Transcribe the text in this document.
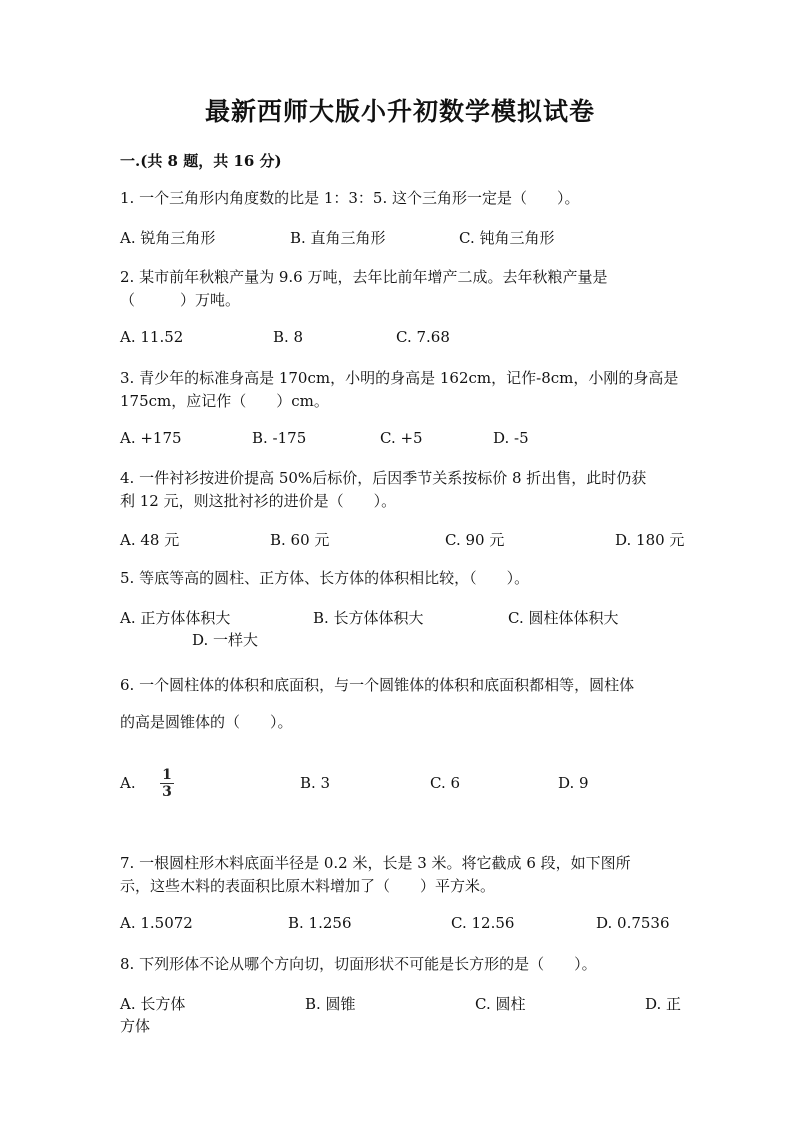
最新西师大版小升初数学模拟试卷
一.(共 8 题，共 16 分)
1. 一个三角形内角度数的比是 1：3：5. 这个三角形一定是（　　）。
A. 锐角三角形	B. 直角三角形	C. 钝角三角形
2. 某市前年秋粮产量为 9.6 万吨，去年比前年增产二成。去年秋粮产量是
（　　　）万吨。
A. 11.52	B. 8	C. 7.68
3. 青少年的标准身高是 170cm，小明的身高是 162cm，记作-8cm，小刚的身高是
175cm，应记作（　　）cm。
A. +175	B. -175	C. +5	D. -5
4. 一件衬衫按进价提高 50%后标价，后因季节关系按标价 8 折出售，此时仍获
利 12 元，则这批衬衫的进价是（　　）。
A. 48 元	B. 60 元	C. 90 元	D. 180 元
5. 等底等高的圆柱、正方体、长方体的体积相比较，（　　）。
A. 正方体体积大	B. 长方体体积大	C. 圆柱体体积大
D. 一样大
6. 一个圆柱体的体积和底面积，与一个圆锥体的体积和底面积都相等，圆柱体
的高是圆锥体的（　　）。
A. 1
3	B. 3	C. 6	D. 9
7. 一根圆柱形木料底面半径是 0.2 米，长是 3 米。将它截成 6 段，如下图所
示，这些木料的表面积比原木料增加了（　　）平方米。
A. 1.5072	B. 1.256	C. 12.56	D. 0.7536
8. 下列形体不论从哪个方向切，切面形状不可能是长方形的是（　　）。
A. 长方体	B. 圆锥	C. 圆柱	D. 正
方体
